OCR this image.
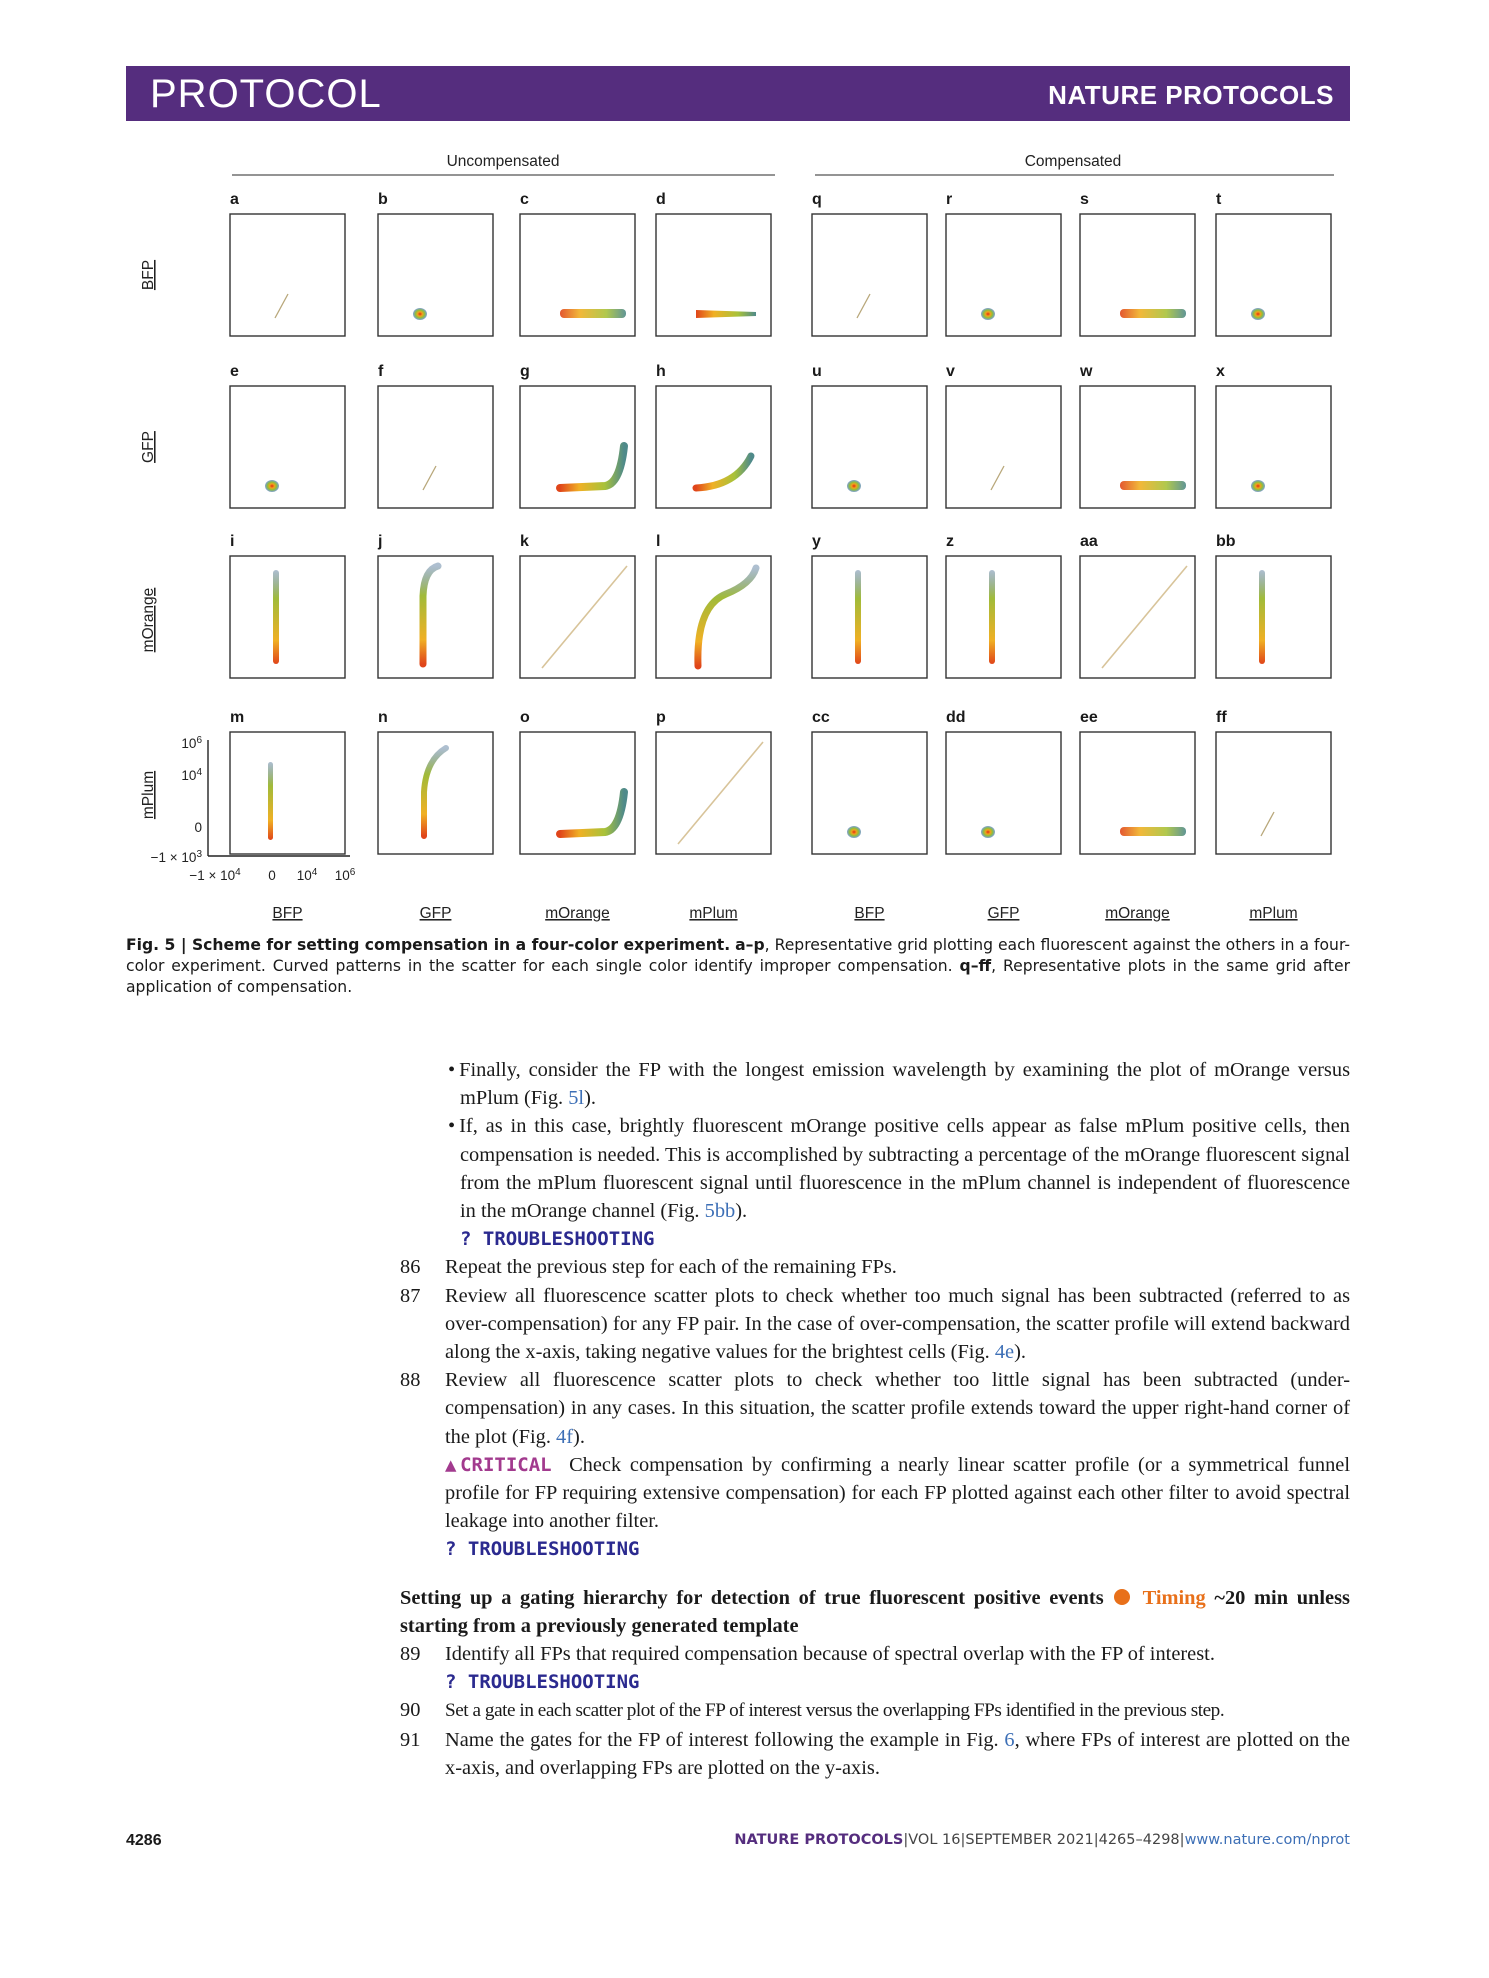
PROTOCOL	NATURE PROTOCOLS
Uncompensated	Compensated
BFP
GFP
mOrange
mPlum
a	b	c	d	q	r	s	t
e	f	g	h	u	v	w	x
i	j	k	l	y	z	aa	bb
m	n	o	p	cc	dd	ee	ff
$10^6$
$10^4$
0
$-1 \times 10^3$
$-1 \times 10^4$ 0 $10^4$ $10^6$
BFP	GFP	mOrange	mPlum	BFP	GFP	mOrange	mPlum
Fig. 5 | Scheme for setting compensation in a four-color experiment. a–p, Representative grid plotting each fluorescent against the others in a four-color experiment. Curved patterns in the scatter for each single color identify improper compensation. q–ff, Representative plots in the same grid after application of compensation.
• Finally, consider the FP with the longest emission wavelength by examining the plot of mOrange versus mPlum (Fig. 5l).
• If, as in this case, brightly fluorescent mOrange positive cells appear as false mPlum positive cells, then compensation is needed. This is accomplished by subtracting a percentage of the mOrange fluorescent signal from the mPlum fluorescent signal until fluorescence in the mPlum channel is independent of fluorescence in the mOrange channel (Fig. 5bb).
? TROUBLESHOOTING
86 Repeat the previous step for each of the remaining FPs.
87 Review all fluorescence scatter plots to check whether too much signal has been subtracted (referred to as over-compensation) for any FP pair. In the case of over-compensation, the scatter profile will extend backward along the x-axis, taking negative values for the brightest cells (Fig. 4e).
88 Review all fluorescence scatter plots to check whether too little signal has been subtracted (under-compensation) in any cases. In this situation, the scatter profile extends toward the upper right-hand corner of the plot (Fig. 4f).
▲CRITICAL Check compensation by confirming a nearly linear scatter profile (or a symmetrical funnel profile for FP requiring extensive compensation) for each FP plotted against each other filter to avoid spectral leakage into another filter.
? TROUBLESHOOTING
Setting up a gating hierarchy for detection of true fluorescent positive events Timing ~20 min unless starting from a previously generated template
89 Identify all FPs that required compensation because of spectral overlap with the FP of interest.
? TROUBLESHOOTING
90 Set a gate in each scatter plot of the FP of interest versus the overlapping FPs identified in the previous step.
91 Name the gates for the FP of interest following the example in Fig. 6, where FPs of interest are plotted on the x-axis, and overlapping FPs are plotted on the y-axis.
4286	NATURE PROTOCOLS|VOL 16|SEPTEMBER 2021|4265–4298|www.nature.com/nprot
